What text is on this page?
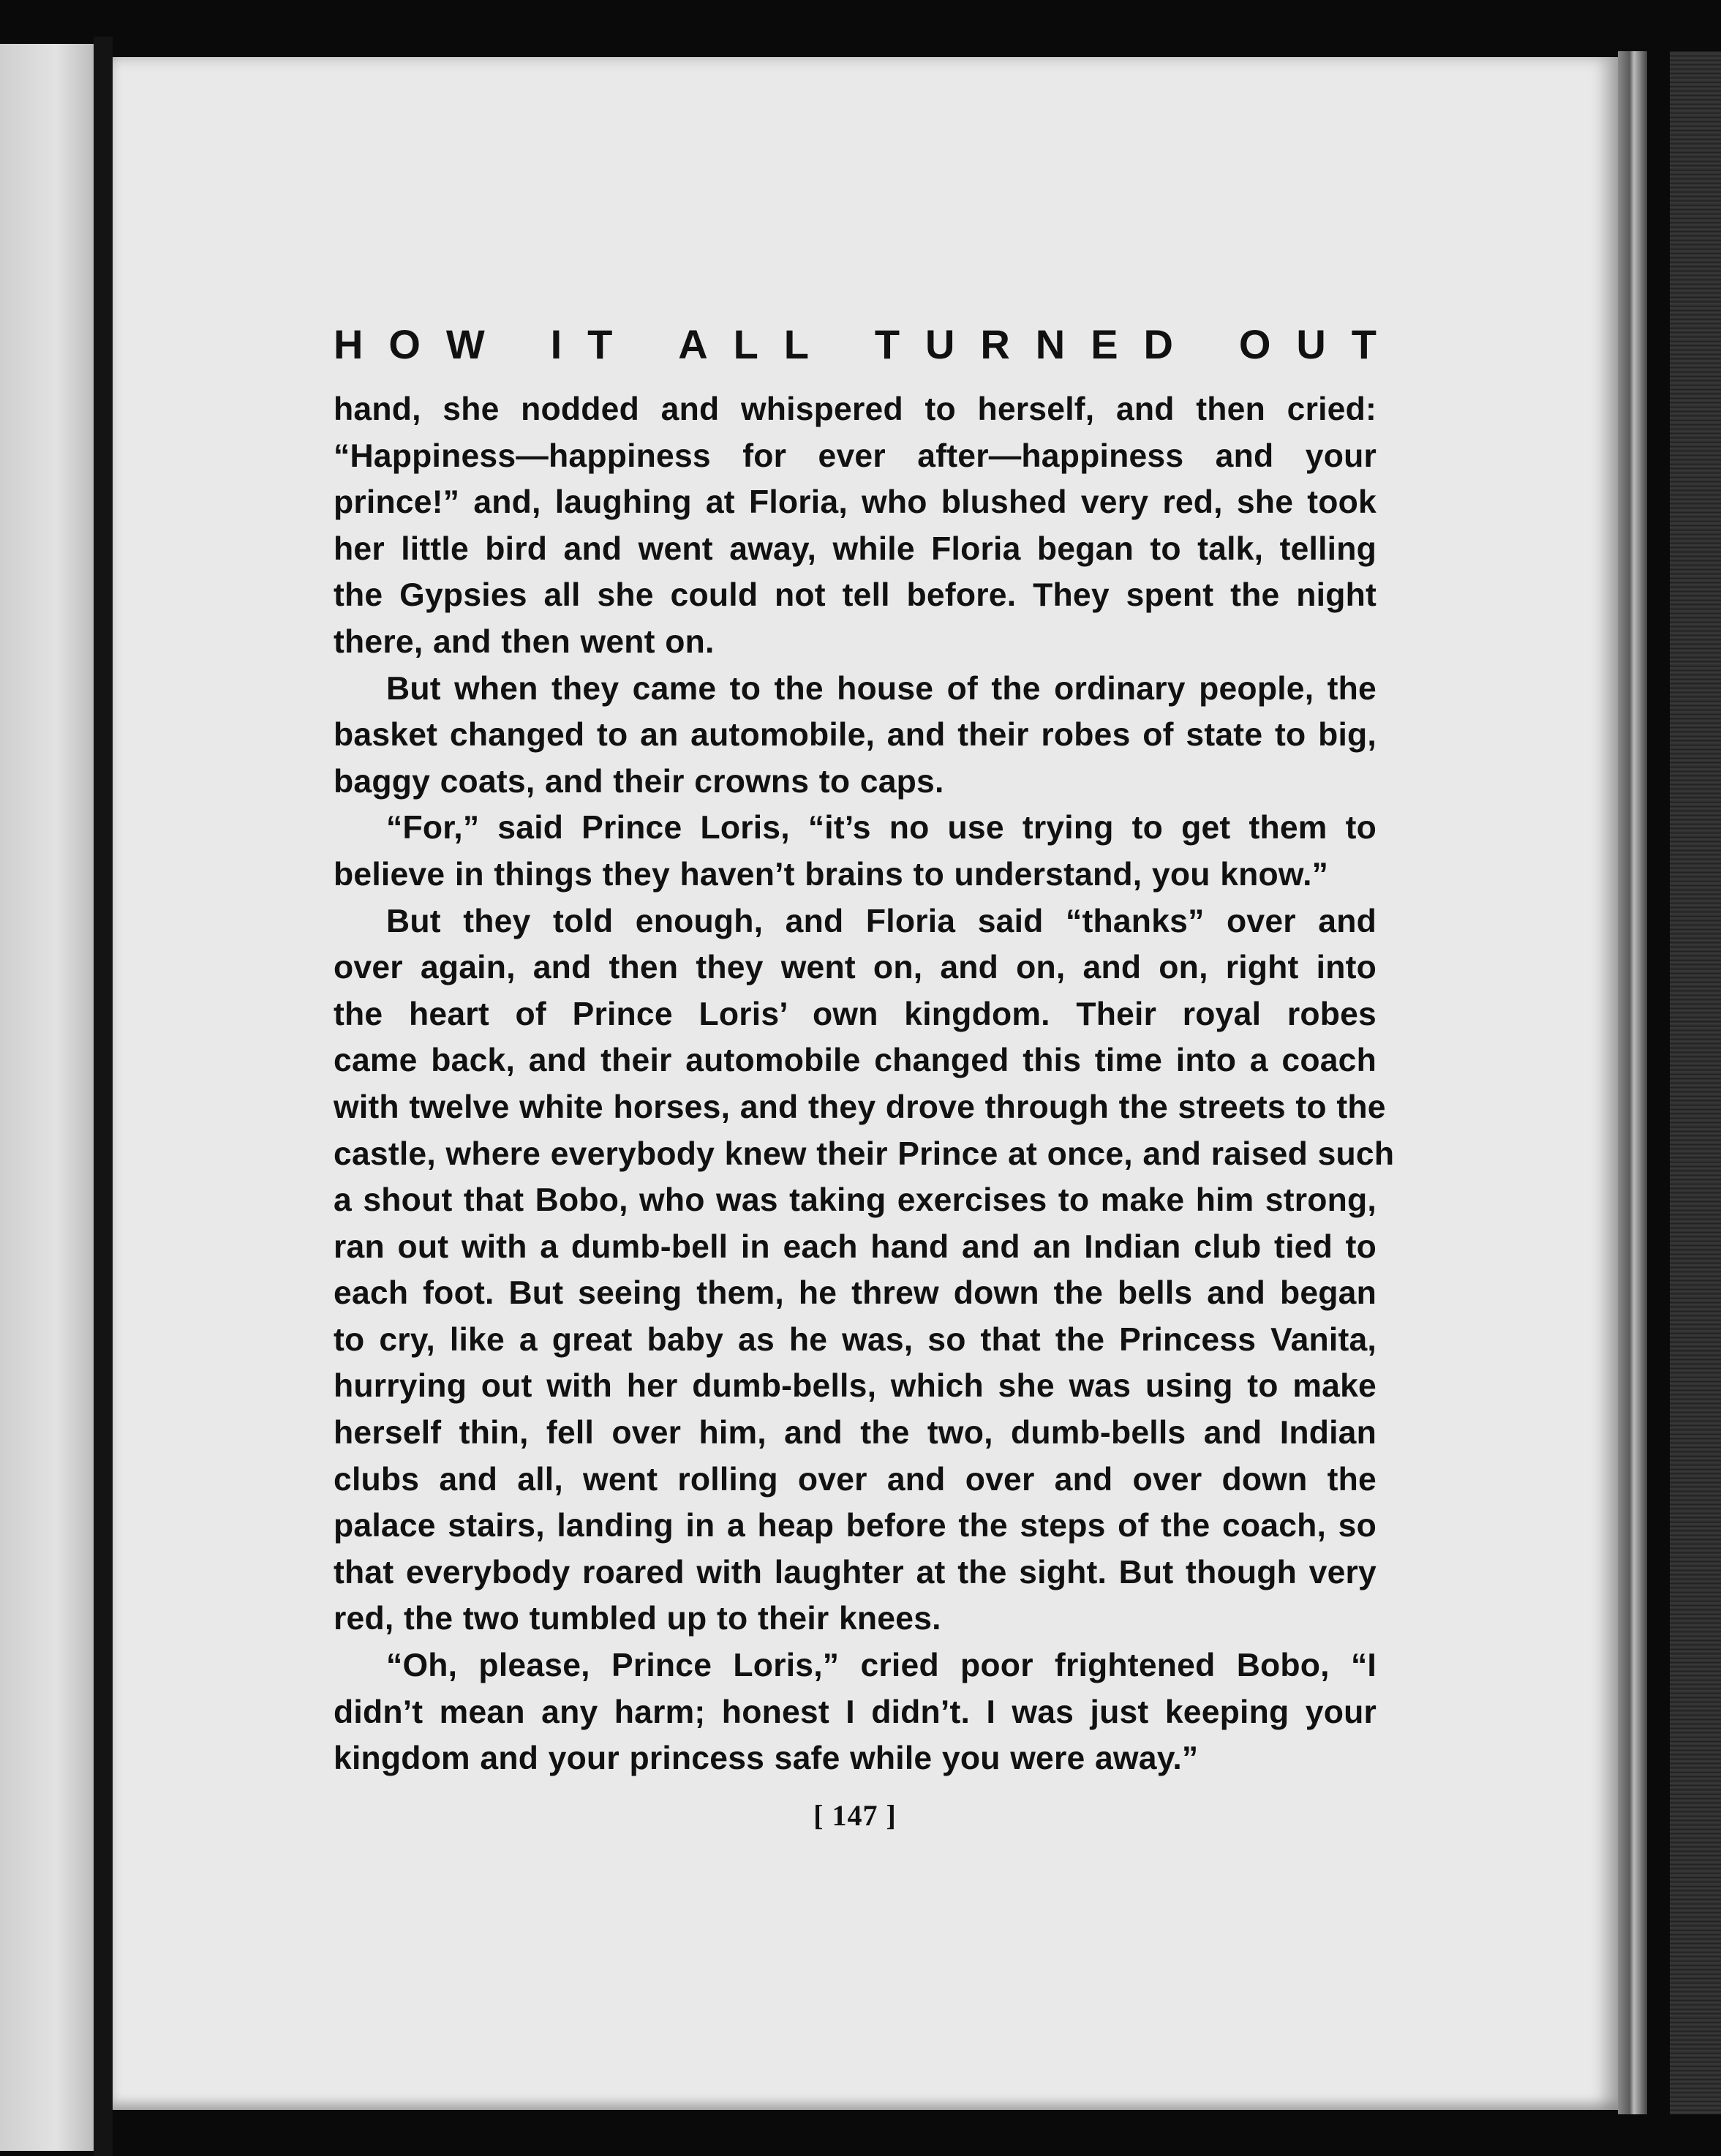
H O W I T A L L T U R N E D O U T
hand, she nodded and whispered to herself, and then cried:
“Happiness—happiness for ever after—happiness and your
prince!” and, laughing at Floria, who blushed very red, she took
her little bird and went away, while Floria began to talk, telling
the Gypsies all she could not tell before. They spent the night
there, and then went on.
But when they came to the house of the ordinary people, the
basket changed to an automobile, and their robes of state to big,
baggy coats, and their crowns to caps.
“For,” said Prince Loris, “it’s no use trying to get them to
believe in things they haven’t brains to understand, you know.”
But they told enough, and Floria said “thanks” over and
over again, and then they went on, and on, and on, right into
the heart of Prince Loris’ own kingdom. Their royal robes
came back, and their automobile changed this time into a coach
with twelve white horses, and they drove through the streets to the
castle, where everybody knew their Prince at once, and raised such
a shout that Bobo, who was taking exercises to make him strong,
ran out with a dumb-bell in each hand and an Indian club tied to
each foot. But seeing them, he threw down the bells and began
to cry, like a great baby as he was, so that the Princess Vanita,
hurrying out with her dumb-bells, which she was using to make
herself thin, fell over him, and the two, dumb-bells and Indian
clubs and all, went rolling over and over and over down the
palace stairs, landing in a heap before the steps of the coach, so
that everybody roared with laughter at the sight. But though very
red, the two tumbled up to their knees.
“Oh, please, Prince Loris,” cried poor frightened Bobo, “I
didn’t mean any harm; honest I didn’t. I was just keeping your
kingdom and your princess safe while you were away.”
[ 147 ]
